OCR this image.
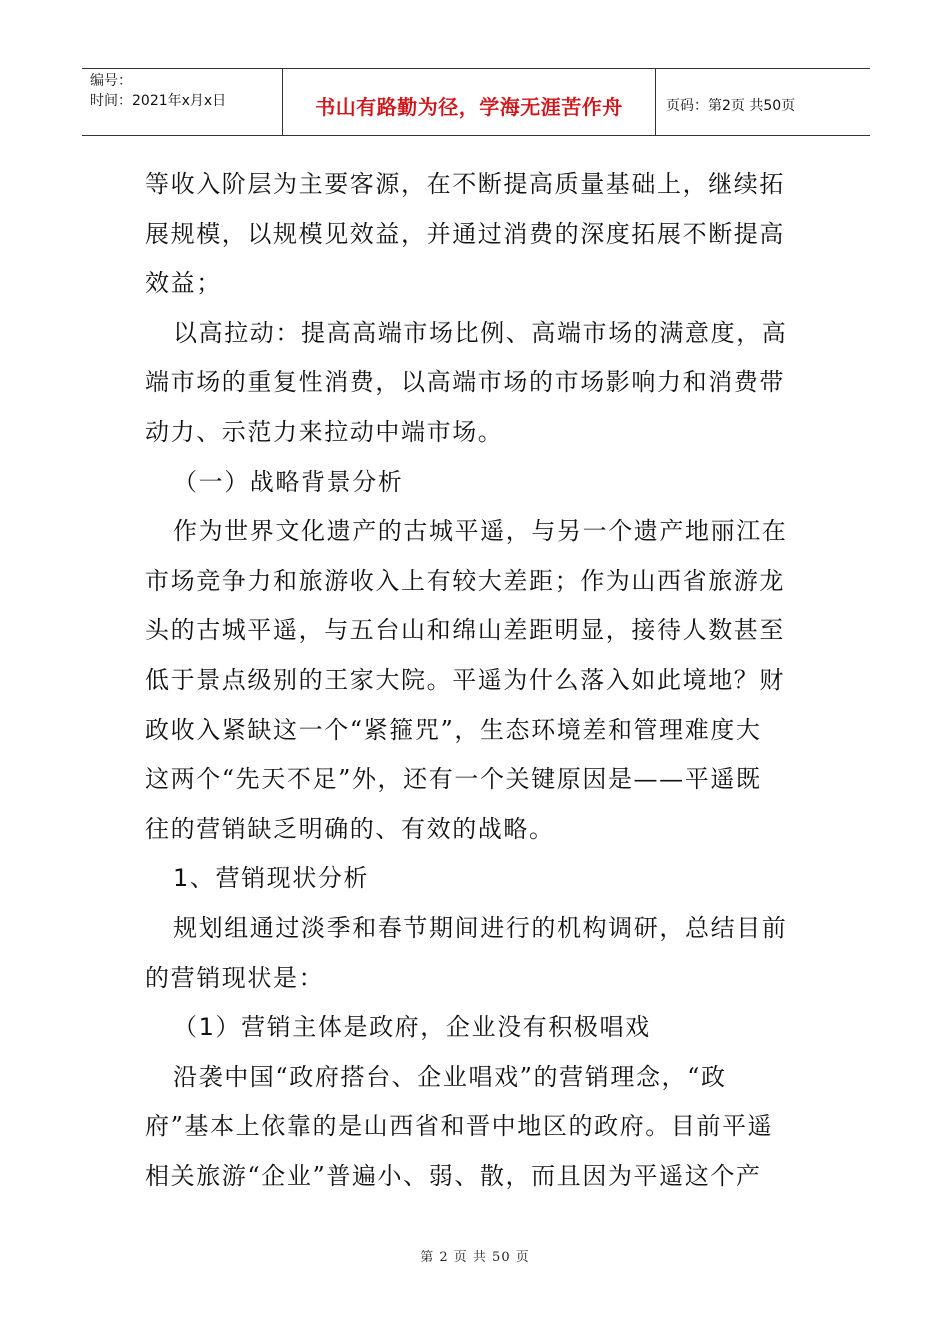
编号：
时间：2021年x月x日	书山有路勤为径，学海无涯苦作舟	页码：第2页 共50页
等收入阶层为主要客源，在不断提高质量基础上，继续拓
展规模，以规模见效益，并通过消费的深度拓展不断提高
效益；
以高拉动：提高高端市场比例、高端市场的满意度，高
端市场的重复性消费，以高端市场的市场影响力和消费带
动力、示范力来拉动中端市场。
（一）战略背景分析
作为世界文化遗产的古城平遥，与另一个遗产地丽江在
市场竞争力和旅游收入上有较大差距；作为山西省旅游龙
头的古城平遥，与五台山和绵山差距明显，接待人数甚至
低于景点级别的王家大院。平遥为什么落入如此境地？财
政收入紧缺这一个“紧箍咒”，生态环境差和管理难度大
这两个“先天不足”外，还有一个关键原因是——平遥既
往的营销缺乏明确的、有效的战略。
1、营销现状分析
规划组通过淡季和春节期间进行的机构调研，总结目前
的营销现状是：
（1）营销主体是政府，企业没有积极唱戏
沿袭中国“政府搭台、企业唱戏”的营销理念，“政
府”基本上依靠的是山西省和晋中地区的政府。目前平遥
相关旅游“企业”普遍小、弱、散，而且因为平遥这个产
第 2 页 共 50 页
